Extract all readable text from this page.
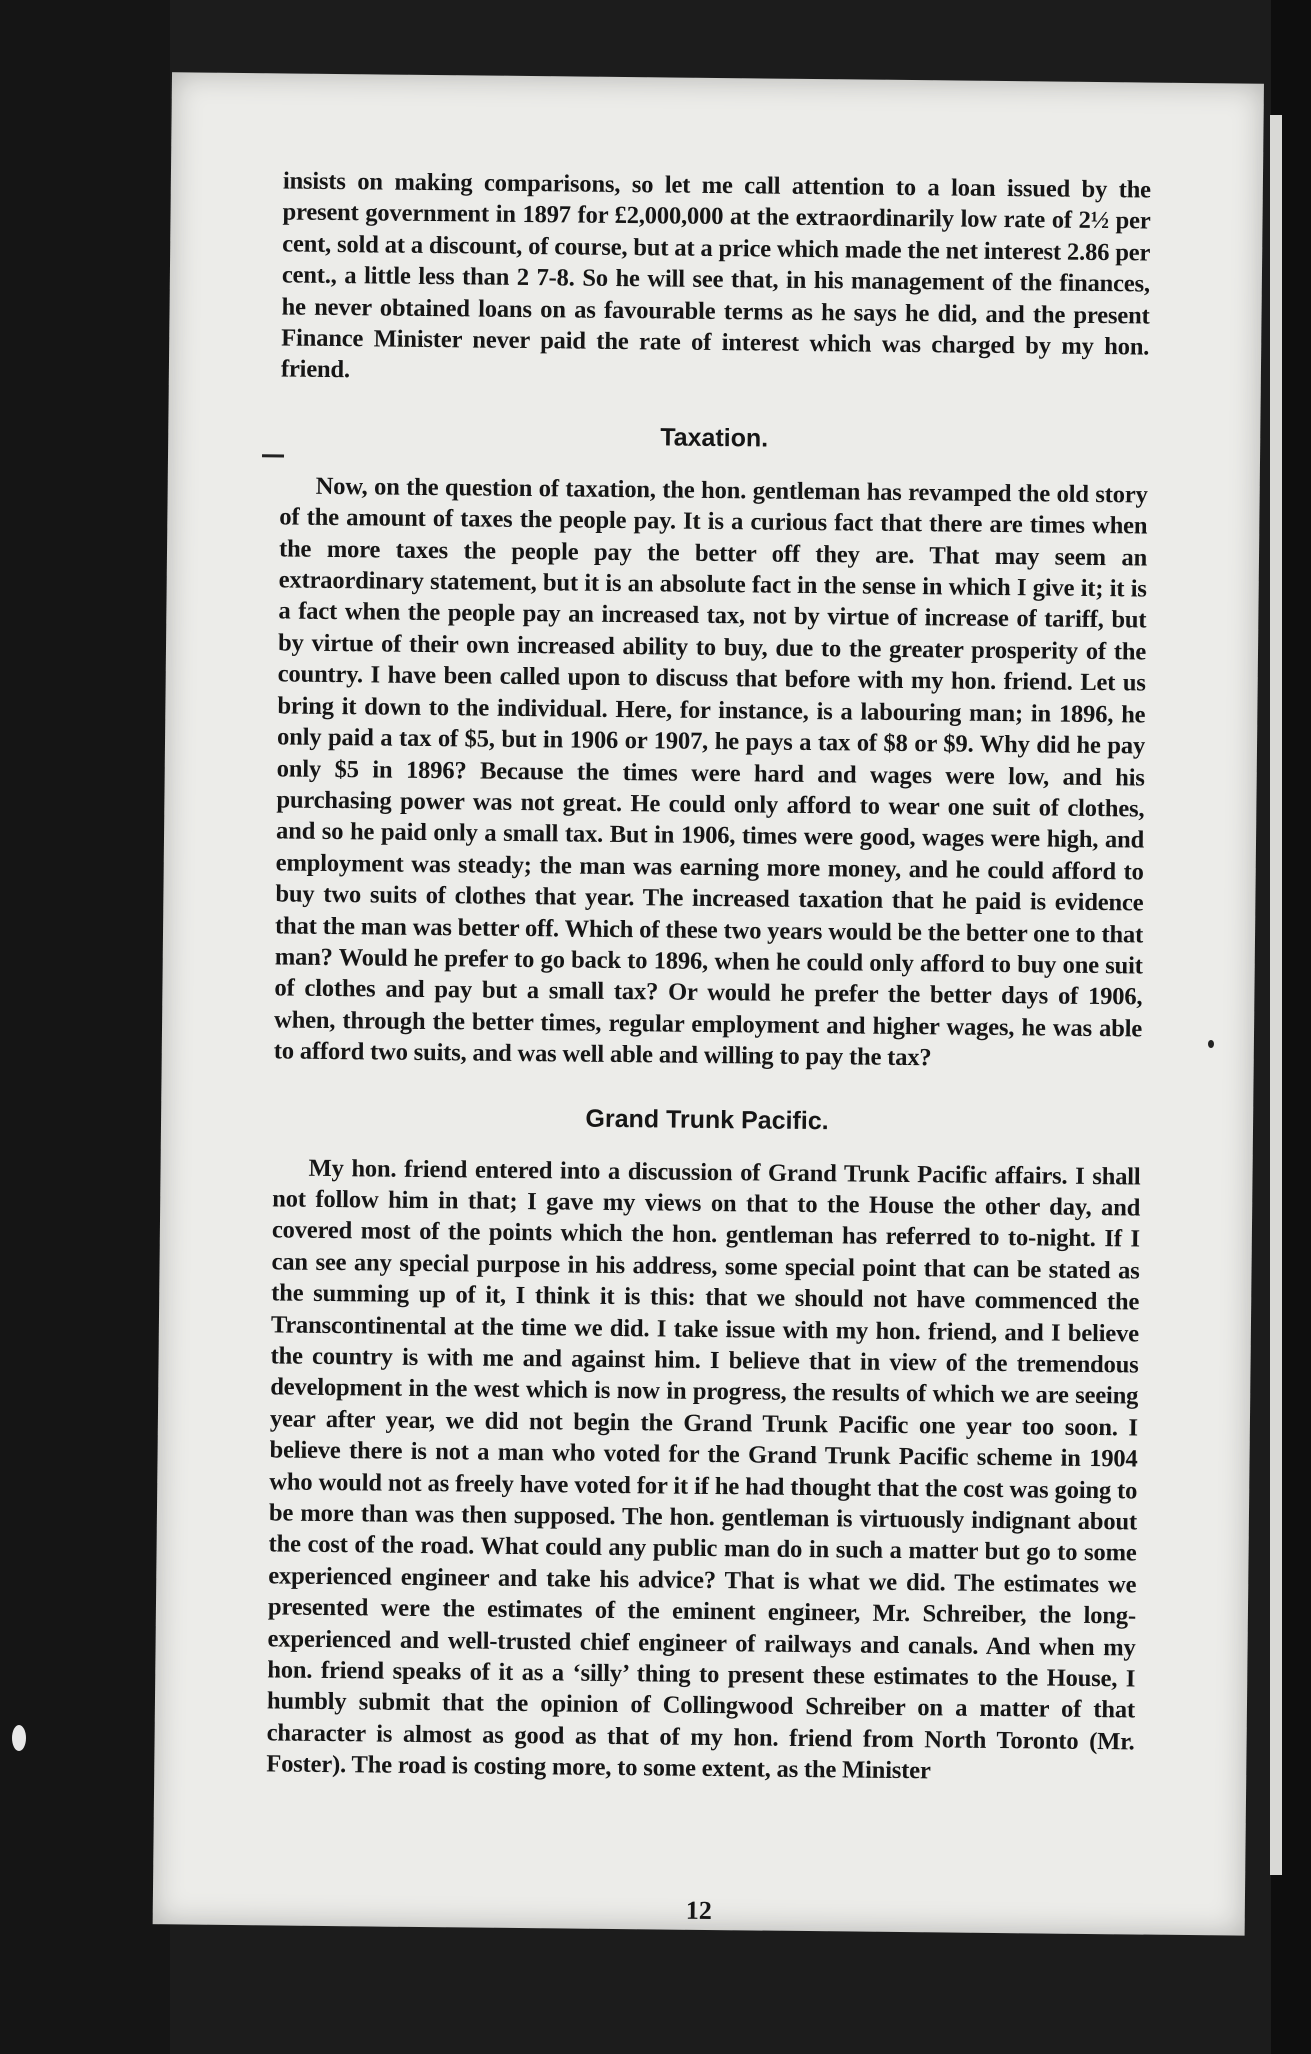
insists on making comparisons, so let me call attention to a loan issued by the present government in 1897 for £2,000,000 at the extraordinarily low rate of 2½ per cent, sold at a discount, of course, but at a price which made the net interest 2.86 per cent., a little less than 2 7-8. So he will see that, in his management of the finances, he never obtained loans on as favourable terms as he says he did, and the present Finance Minister never paid the rate of interest which was charged by my hon. friend.

Taxation.

Now, on the question of taxation, the hon. gentleman has revamped the old story of the amount of taxes the people pay. It is a curious fact that there are times when the more taxes the people pay the better off they are. That may seem an extraordinary statement, but it is an absolute fact in the sense in which I give it; it is a fact when the people pay an increased tax, not by virtue of increase of tariff, but by virtue of their own increased ability to buy, due to the greater prosperity of the country. I have been called upon to discuss that before with my hon. friend. Let us bring it down to the individual. Here, for instance, is a labouring man; in 1896, he only paid a tax of $5, but in 1906 or 1907, he pays a tax of $8 or $9. Why did he pay only $5 in 1896? Because the times were hard and wages were low, and his purchasing power was not great. He could only afford to wear one suit of clothes, and so he paid only a small tax. But in 1906, times were good, wages were high, and employment was steady; the man was earning more money, and he could afford to buy two suits of clothes that year. The increased taxation that he paid is evidence that the man was better off. Which of these two years would be the better one to that man? Would he prefer to go back to 1896, when he could only afford to buy one suit of clothes and pay but a small tax? Or would he prefer the better days of 1906, when, through the better times, regular employment and higher wages, he was able to afford two suits, and was well able and willing to pay the tax?

Grand Trunk Pacific.

My hon. friend entered into a discussion of Grand Trunk Pacific affairs. I shall not follow him in that; I gave my views on that to the House the other day, and covered most of the points which the hon. gentleman has referred to to-night. If I can see any special purpose in his address, some special point that can be stated as the summing up of it, I think it is this: that we should not have commenced the Transcontinental at the time we did. I take issue with my hon. friend, and I believe the country is with me and against him. I believe that in view of the tremendous development in the west which is now in progress, the results of which we are seeing year after year, we did not begin the Grand Trunk Pacific one year too soon. I believe there is not a man who voted for the Grand Trunk Pacific scheme in 1904 who would not as freely have voted for it if he had thought that the cost was going to be more than was then supposed. The hon. gentleman is virtuously indignant about the cost of the road. What could any public man do in such a matter but go to some experienced engineer and take his advice? That is what we did. The estimates we presented were the estimates of the eminent engineer, Mr. Schreiber, the long-experienced and well-trusted chief engineer of railways and canals. And when my hon. friend speaks of it as a ‘silly’ thing to present these estimates to the House, I humbly submit that the opinion of Collingwood Schreiber on a matter of that character is almost as good as that of my hon. friend from North Toronto (Mr. Foster). The road is costing more, to some extent, as the Minister

12
